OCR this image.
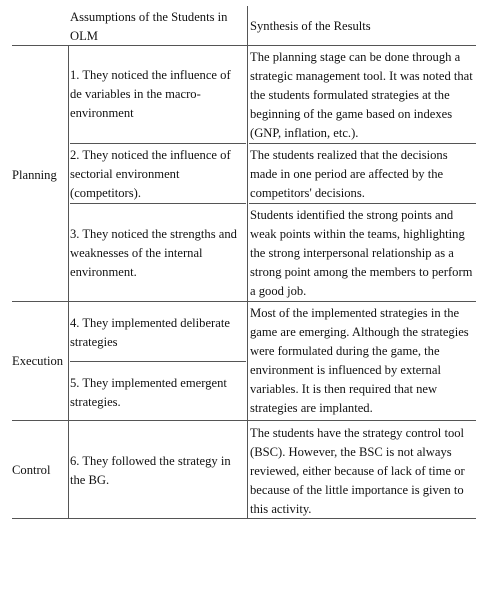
Assumptions of the Students in OLM
Synthesis of the Results
Planning
1. They noticed the influence of de variables in the macro-environment
The planning stage can be done through a strategic management tool. It was noted that the students formulated strategies at the beginning of the game based on indexes (GNP, inflation, etc.).
2. They noticed the influence of sectorial environment (competitors).
The students realized that the decisions made in one period are affected by the competitors' decisions.
3. They noticed the strengths and weaknesses of the internal environment.
Students identified the strong points and weak points within the teams, highlighting the strong interpersonal relationship as a strong point among the members to perform a good job.
Execution
4. They implemented deliberate strategies
Most of the implemented strategies in the game are emerging. Although the strategies were formulated during the game, the environment is influenced by external variables. It is then required that new strategies are implanted.
5. They implemented emergent strategies.
Control
6. They followed the strategy in the BG.
The students have the strategy control tool (BSC). However, the BSC is not always reviewed, either because of lack of time or because of the little importance is given to this activity.
